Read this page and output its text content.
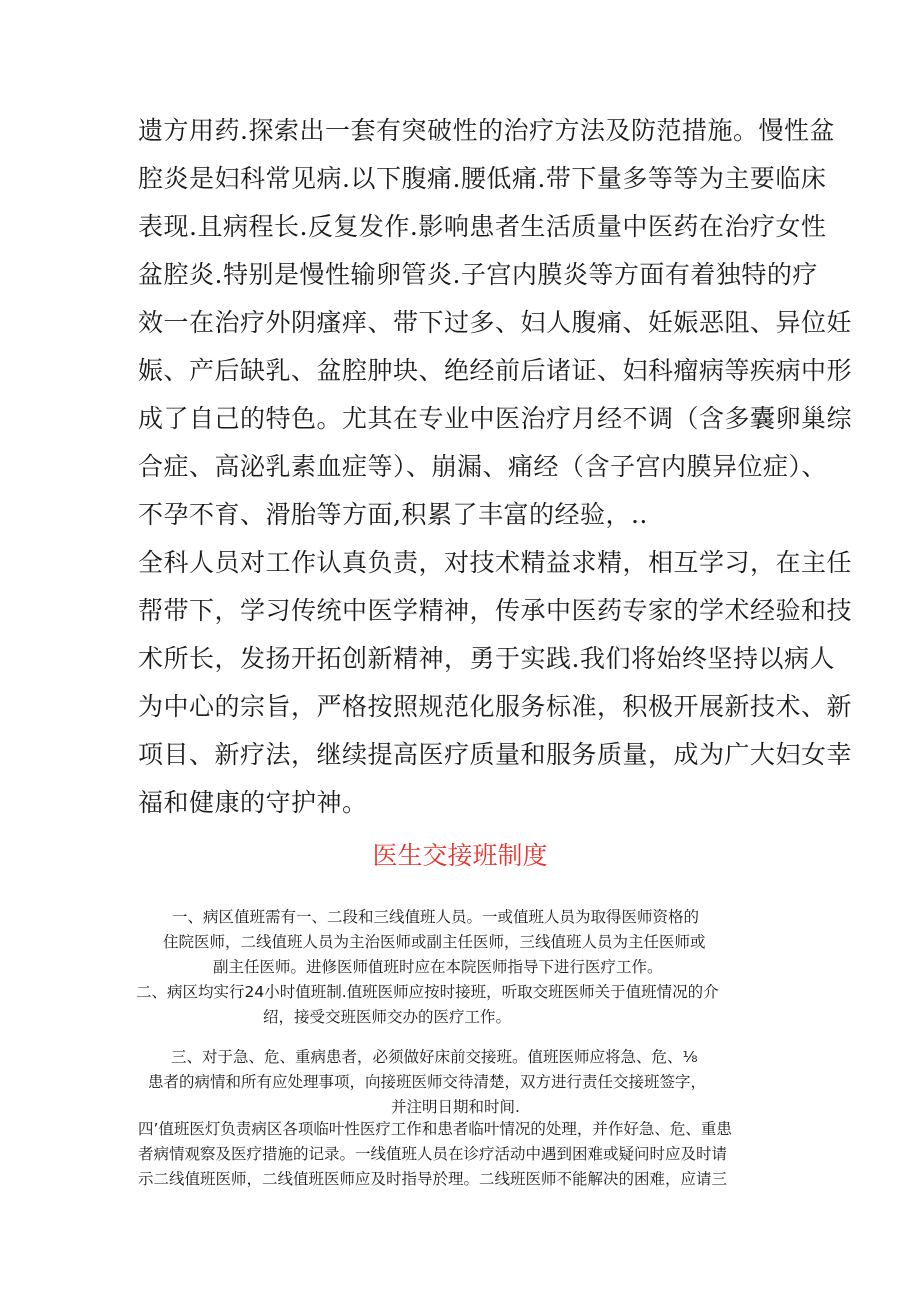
遗方用药.探索出一套有突破性的治疗方法及防范措施。慢性盆
腔炎是妇科常见病.以下腹痛.腰低痛.带下量多等等为主要临床
表现.且病程长.反复发作.影响患者生活质量中医药在治疗女性
盆腔炎.特别是慢性输卵管炎.子宫内膜炎等方面有着独特的疗
效一在治疗外阴瘙痒、带下过多、妇人腹痛、妊娠恶阻、异位妊
娠、产后缺乳、盆腔肿块、绝经前后诸证、妇科瘤病等疾病中形
成了自己的特色。尤其在专业中医治疗月经不调（含多囊卵巢综
合症、高泌乳素血症等）、崩漏、痛经（含子宫内膜异位症）、
不孕不育、滑胎等方面,积累了丰富的经验，..
全科人员对工作认真负责，对技术精益求精，相互学习，在主任
帮带下，学习传统中医学精神，传承中医药专家的学术经验和技
术所长，发扬开拓创新精神，勇于实践.我们将始终坚持以病人
为中心的宗旨，严格按照规范化服务标准，积极开展新技术、新
项目、新疗法，继续提高医疗质量和服务质量，成为广大妇女幸
福和健康的守护神。
医生交接班制度
一、病区值班需有一、二段和三线值班人员。一或值班人员为取得医师资格的
住院医师，二线值班人员为主治医师或副主任医师，三线值班人员为主任医师或
副主任医师。进修医师值班时应在本院医师指导下进行医疗工作。
二、病区均实行24小时值班制.值班医师应按时接班，听取交班医师关于值班情况的介
绍，接受交班医师交办的医疗工作。
三、对于急、危、重病患者，必须做好床前交接班。值班医师应将急、危、⅛
患者的病情和所有应处理事项，向接班医师交待清楚，双方进行责任交接班签字，
并注明日期和时间.
四’值班医灯负责病区各项临叶性医疗工作和患者临叶情况的处理，并作好急、危、重患
者病情观察及医疗措施的记录。一线值班人员在诊疗活动中遇到困难或疑问时应及时请
示二线值班医师，二线值班医师应及时指导於理。二线班医师不能解决的困难，应请三
